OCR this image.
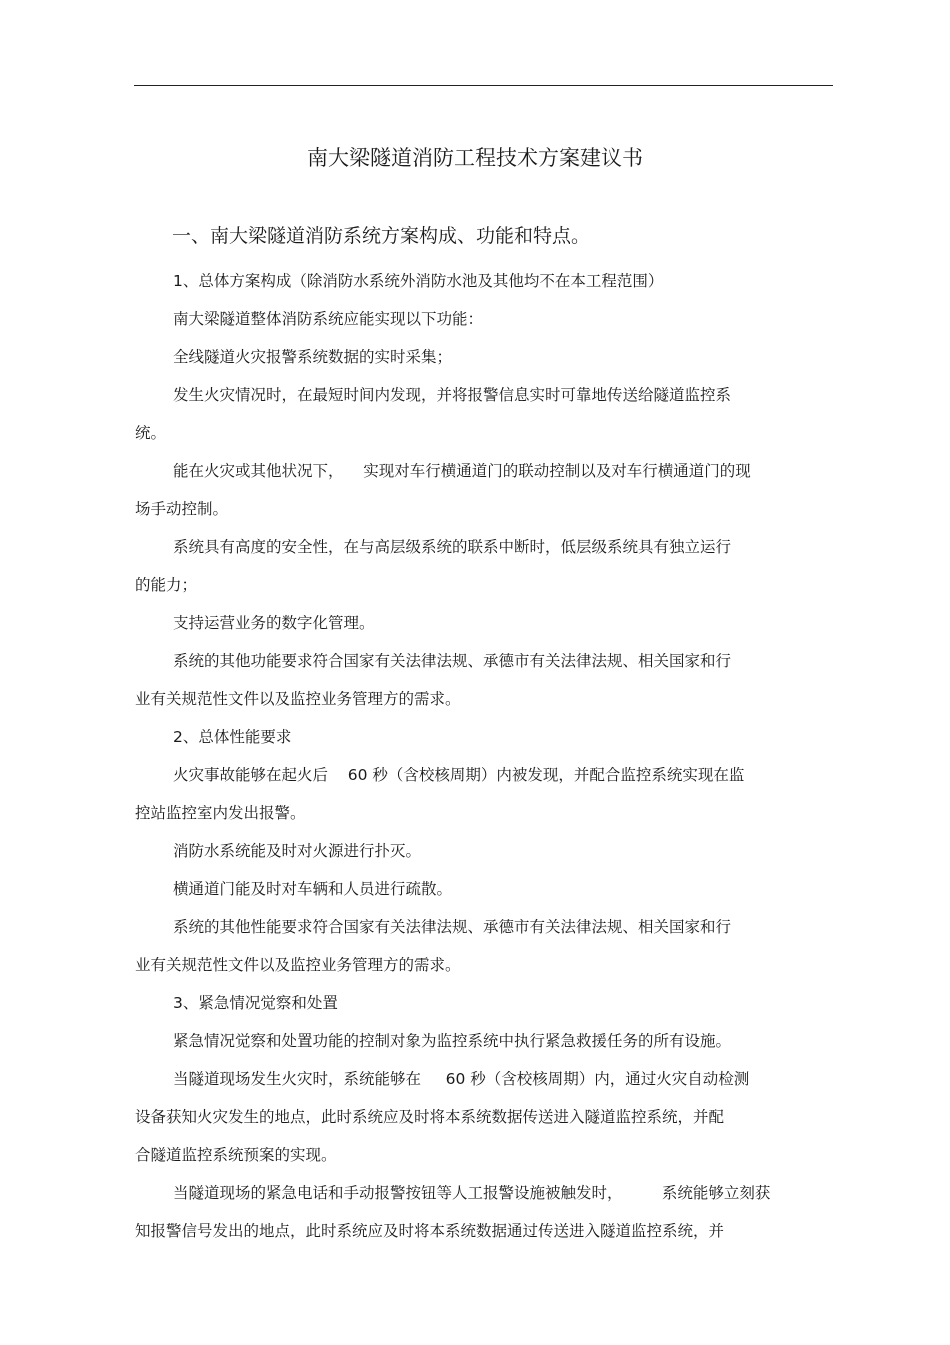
南大梁隧道消防工程技术方案建议书
一、南大梁隧道消防系统方案构成、功能和特点。

1、总体方案构成（除消防水系统外消防水池及其他均不在本工程范围）

南大梁隧道整体消防系统应能实现以下功能：

全线隧道火灾报警系统数据的实时采集；

发生火灾情况时，在最短时间内发现，并将报警信息实时可靠地传送给隧道监控系
统。

能在火灾或其他状况下，    实现对车行横通道门的联动控制以及对车行横通道门的现
场手动控制。

系统具有高度的安全性，在与高层级系统的联系中断时，低层级系统具有独立运行
的能力；

支持运营业务的数字化管理。

系统的其他功能要求符合国家有关法律法规、承德市有关法律法规、相关国家和行
业有关规范性文件以及监控业务管理方的需求。

2、总体性能要求

火灾事故能够在起火后    60 秒（含校核周期）内被发现，并配合监控系统实现在监
控站监控室内发出报警。

消防水系统能及时对火源进行扑灭。

横通道门能及时对车辆和人员进行疏散。

系统的其他性能要求符合国家有关法律法规、承德市有关法律法规、相关国家和行
业有关规范性文件以及监控业务管理方的需求。

3、紧急情况觉察和处置

紧急情况觉察和处置功能的控制对象为监控系统中执行紧急救援任务的所有设施。

当隧道现场发生火灾时，系统能够在     60 秒（含校核周期）内，通过火灾自动检测
设备获知火灾发生的地点，此时系统应及时将本系统数据传送进入隧道监控系统，并配
合隧道监控系统预案的实现。

当隧道现场的紧急电话和手动报警按钮等人工报警设施被触发时，        系统能够立刻获
知报警信号发出的地点，此时系统应及时将本系统数据通过传送进入隧道监控系统，并
